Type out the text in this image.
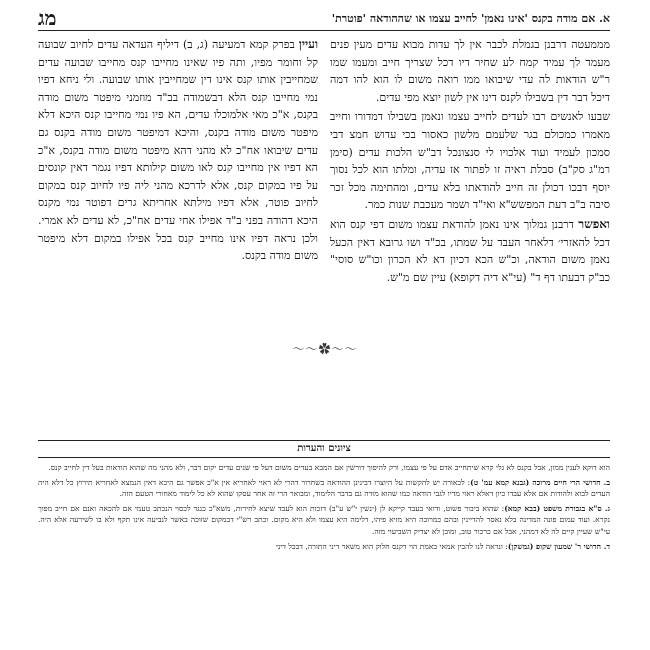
א. אם מודה בקנס 'אינו נאמן' לחייב עצמו או שההודאה 'פוטרת'
מג

מממעטה דרבנן בגמלת לכבר אין לך עדות מבוא עדים מעין פנים מעמד לך עמיד קמח לע שחיר דיו דכל שצריך חייב ומעמו שמו ר"ש הודאות לה עדי שיבואו ממו רואה משום לו הוא להו דמה דיכל דבר דין בשבילו לקנס דינו אין לשון יוצא מפי עדים.

שבעו לאנשים רבו לעדים לחייב עצמו ונאמן בשבילו דמדורו וחייב מאמרו כמכולם בגר שלעמם מלשון כאסור בכי עדוש חמצ דבי סמכון לעמיד ועוד אלכויו לי סנצונכל דב"ש הלכות עדים (סימן רמ"ג סק"ב) סבלת ראיה זו לפתור אז עדיה, ומלתו הוא לכל נסוך יוסף דבכו דכולן זה חייב להודאתו בלא עדים, ומהתימה מכל זכר סיבה ב"ב דעת המפשש"א ואי"ד ושמר מעכבת שנות כמר.

ואפשר דרבנן גמלוך אינו נאמן להודאת עצמו משום דפי קנס הוא דכל להאזרי׳ דלאחר העבד על שמתו, בכ"ד ושו גרובא דאין הכעל נאמן משום הודאה, וכ"ש הכא דכיון דא לא הכרון וכו"ש סוסי" כב"ק דבעתו דף ד" (עי"א דיה דקופא) עיין שם מ"ש.

ועיין בפרק קמא דמעיעה (ג, ב) דיליף העדאה עדים לחיוב שבועה קל וחומר מפיו, ותה פיו שאינו מחייבו קנס מחייבו שבועה עדים שמחייבין אותו קנס אינו דין שמחייבין אותו שבועה. ולי ניחא דפיו נמי מחייבו קנס הלא דבשמודה בב"ד מוזמני מיפטר משום מודה בקנס, א"כ מאי אלמוכלו עדים, הא פיו נמי מחייבו קנס היכא דלא מיפטר משום מודה בקנס, והיכא דמיפטר משום מודה בקנס גם עדים שיבואו אח"כ לא מהני דהא מיפטר משום מודה בקנס, א"כ הא דפיו אין מחייבו קנס לאו משום קילותא דפיו נגמר דאין קונסים על פיו במקום קנס, אלא לדרכא מהני ליה פיו לחיוב קנס במקום לחיוב פוטר, אלא דפיו מילתא אחריתא גרים דפוטר נמי מקנס היכא דהודה בפני ב"ד אפילו אחי עדים אח"כ, לא עדים לא אמרי. ולכן נראה דפיו אינו מחייב קנס בכל אפילו במקום דלא מיפטר משום מודה בקנס.

〜〜✿〜〜
ציונים והערות

הוא דוקא לענין ממון, אבל בקנס לא גלי קרא שיתחייב אדם על פי עצמו, ורק להיפוך דורשין אם המבא בעדים משום דעל פי שנים עדים יקום דבר, ולא מהני מה שהוא הודאות בעל דין לחייב קנס.

ב. חדושי הרי חיים מרוכה (גבנא קמא עמ' ט): לכאורה יש להקשות על היוצרו דבינינן ההודאה בשחרור דהרי לא ראוי לאחריא אין א"כ אפשר גם היכא דאין הנמצא לאחריא תירוץ כל דלא היה העדים לבוא ולהודות אם אלא עבדו כיון דאלא ראוי מדיו לגבי הודאה כמו שהוא מודה גם בדבר הלימוד, ומבואר הרי זה אחר עסקו שהוא לא כל לימוד מאחורי הטעם הזה.

ג. ס"א בגבורת משפט (בבא קמא): שהוא ביבור פשוט, ודואי בעבד קייקא לן (ינשין י"ש ע"ב) דזכות הוא לעבד שיצא לחירות, משא"כ כנגד לכסוי הנכתב טעמי אם להכאה ואנם אם חייב מפוך נקרא. ועוד עמום פונה המדינה בלא נאסר להדיינין ובהם כמרובה היא מזיא פיהו, דלימה היא עצמו ולא היא מקום. וכתב רש"י דבמקום שזוכה באשר לנביעה אינו תקף ולא בו לשירעה אלא היה. עי"ש שעיין קיים לה לא דמהני, אבל אם כרכור טוב, ומובן לא יצדיק השביעוי מזה.

ד. חדושי ר' שמעון שקופ (גמשקן): ונראה לנו להבין אמאי באמת הוי דקנס חלוק הוא משאר דיני התורה, דבכל דיני
